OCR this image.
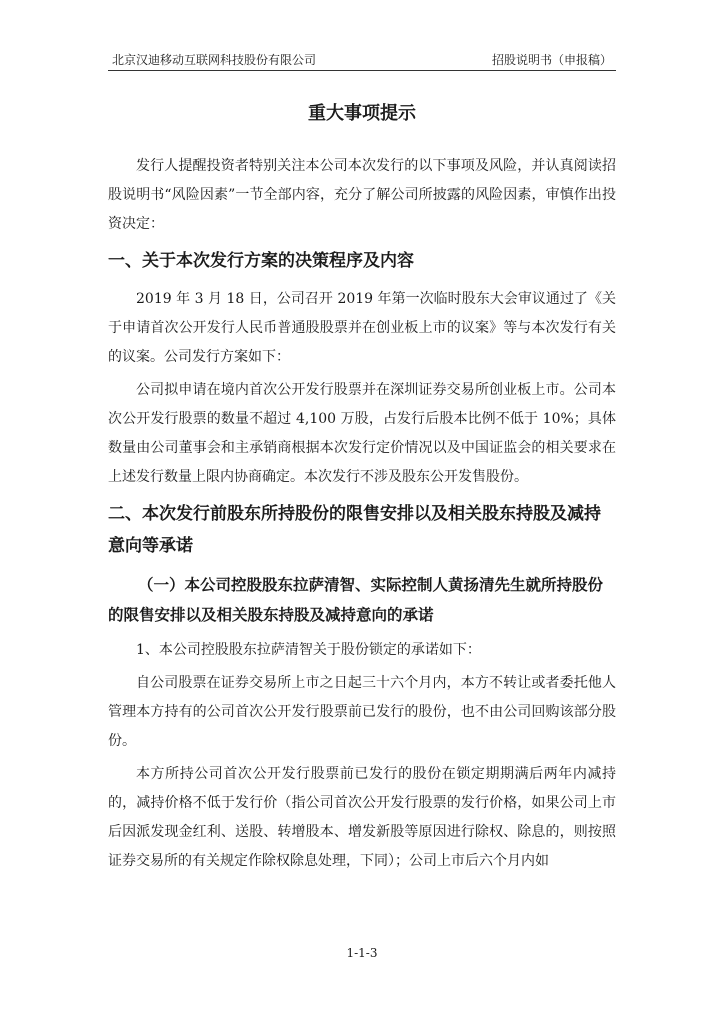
北京汉迪移动互联网科技股份有限公司	招股说明书（申报稿）
重大事项提示

发行人提醒投资者特别关注本公司本次发行的以下事项及风险，并认真阅读招股说明书“风险因素”一节全部内容，充分了解公司所披露的风险因素，审慎作出投资决定：

一、关于本次发行方案的决策程序及内容

2019 年 3 月 18 日，公司召开 2019 年第一次临时股东大会审议通过了《关于申请首次公开发行人民币普通股股票并在创业板上市的议案》等与本次发行有关的议案。公司发行方案如下：

公司拟申请在境内首次公开发行股票并在深圳证券交易所创业板上市。公司本次公开发行股票的数量不超过 4,100 万股，占发行后股本比例不低于 10%；具体数量由公司董事会和主承销商根据本次发行定价情况以及中国证监会的相关要求在上述发行数量上限内协商确定。本次发行不涉及股东公开发售股份。

二、本次发行前股东所持股份的限售安排以及相关股东持股及减持意向等承诺
（一）本公司控股股东拉萨清智、实际控制人黄扬清先生就所持股份的限售安排以及相关股东持股及减持意向的承诺

1、本公司控股股东拉萨清智关于股份锁定的承诺如下：

自公司股票在证券交易所上市之日起三十六个月内，本方不转让或者委托他人管理本方持有的公司首次公开发行股票前已发行的股份，也不由公司回购该部分股份。

本方所持公司首次公开发行股票前已发行的股份在锁定期期满后两年内减持的，减持价格不低于发行价（指公司首次公开发行股票的发行价格，如果公司上市后因派发现金红利、送股、转增股本、增发新股等原因进行除权、除息的，则按照证券交易所的有关规定作除权除息处理，下同）；公司上市后六个月内如

1-1-3
